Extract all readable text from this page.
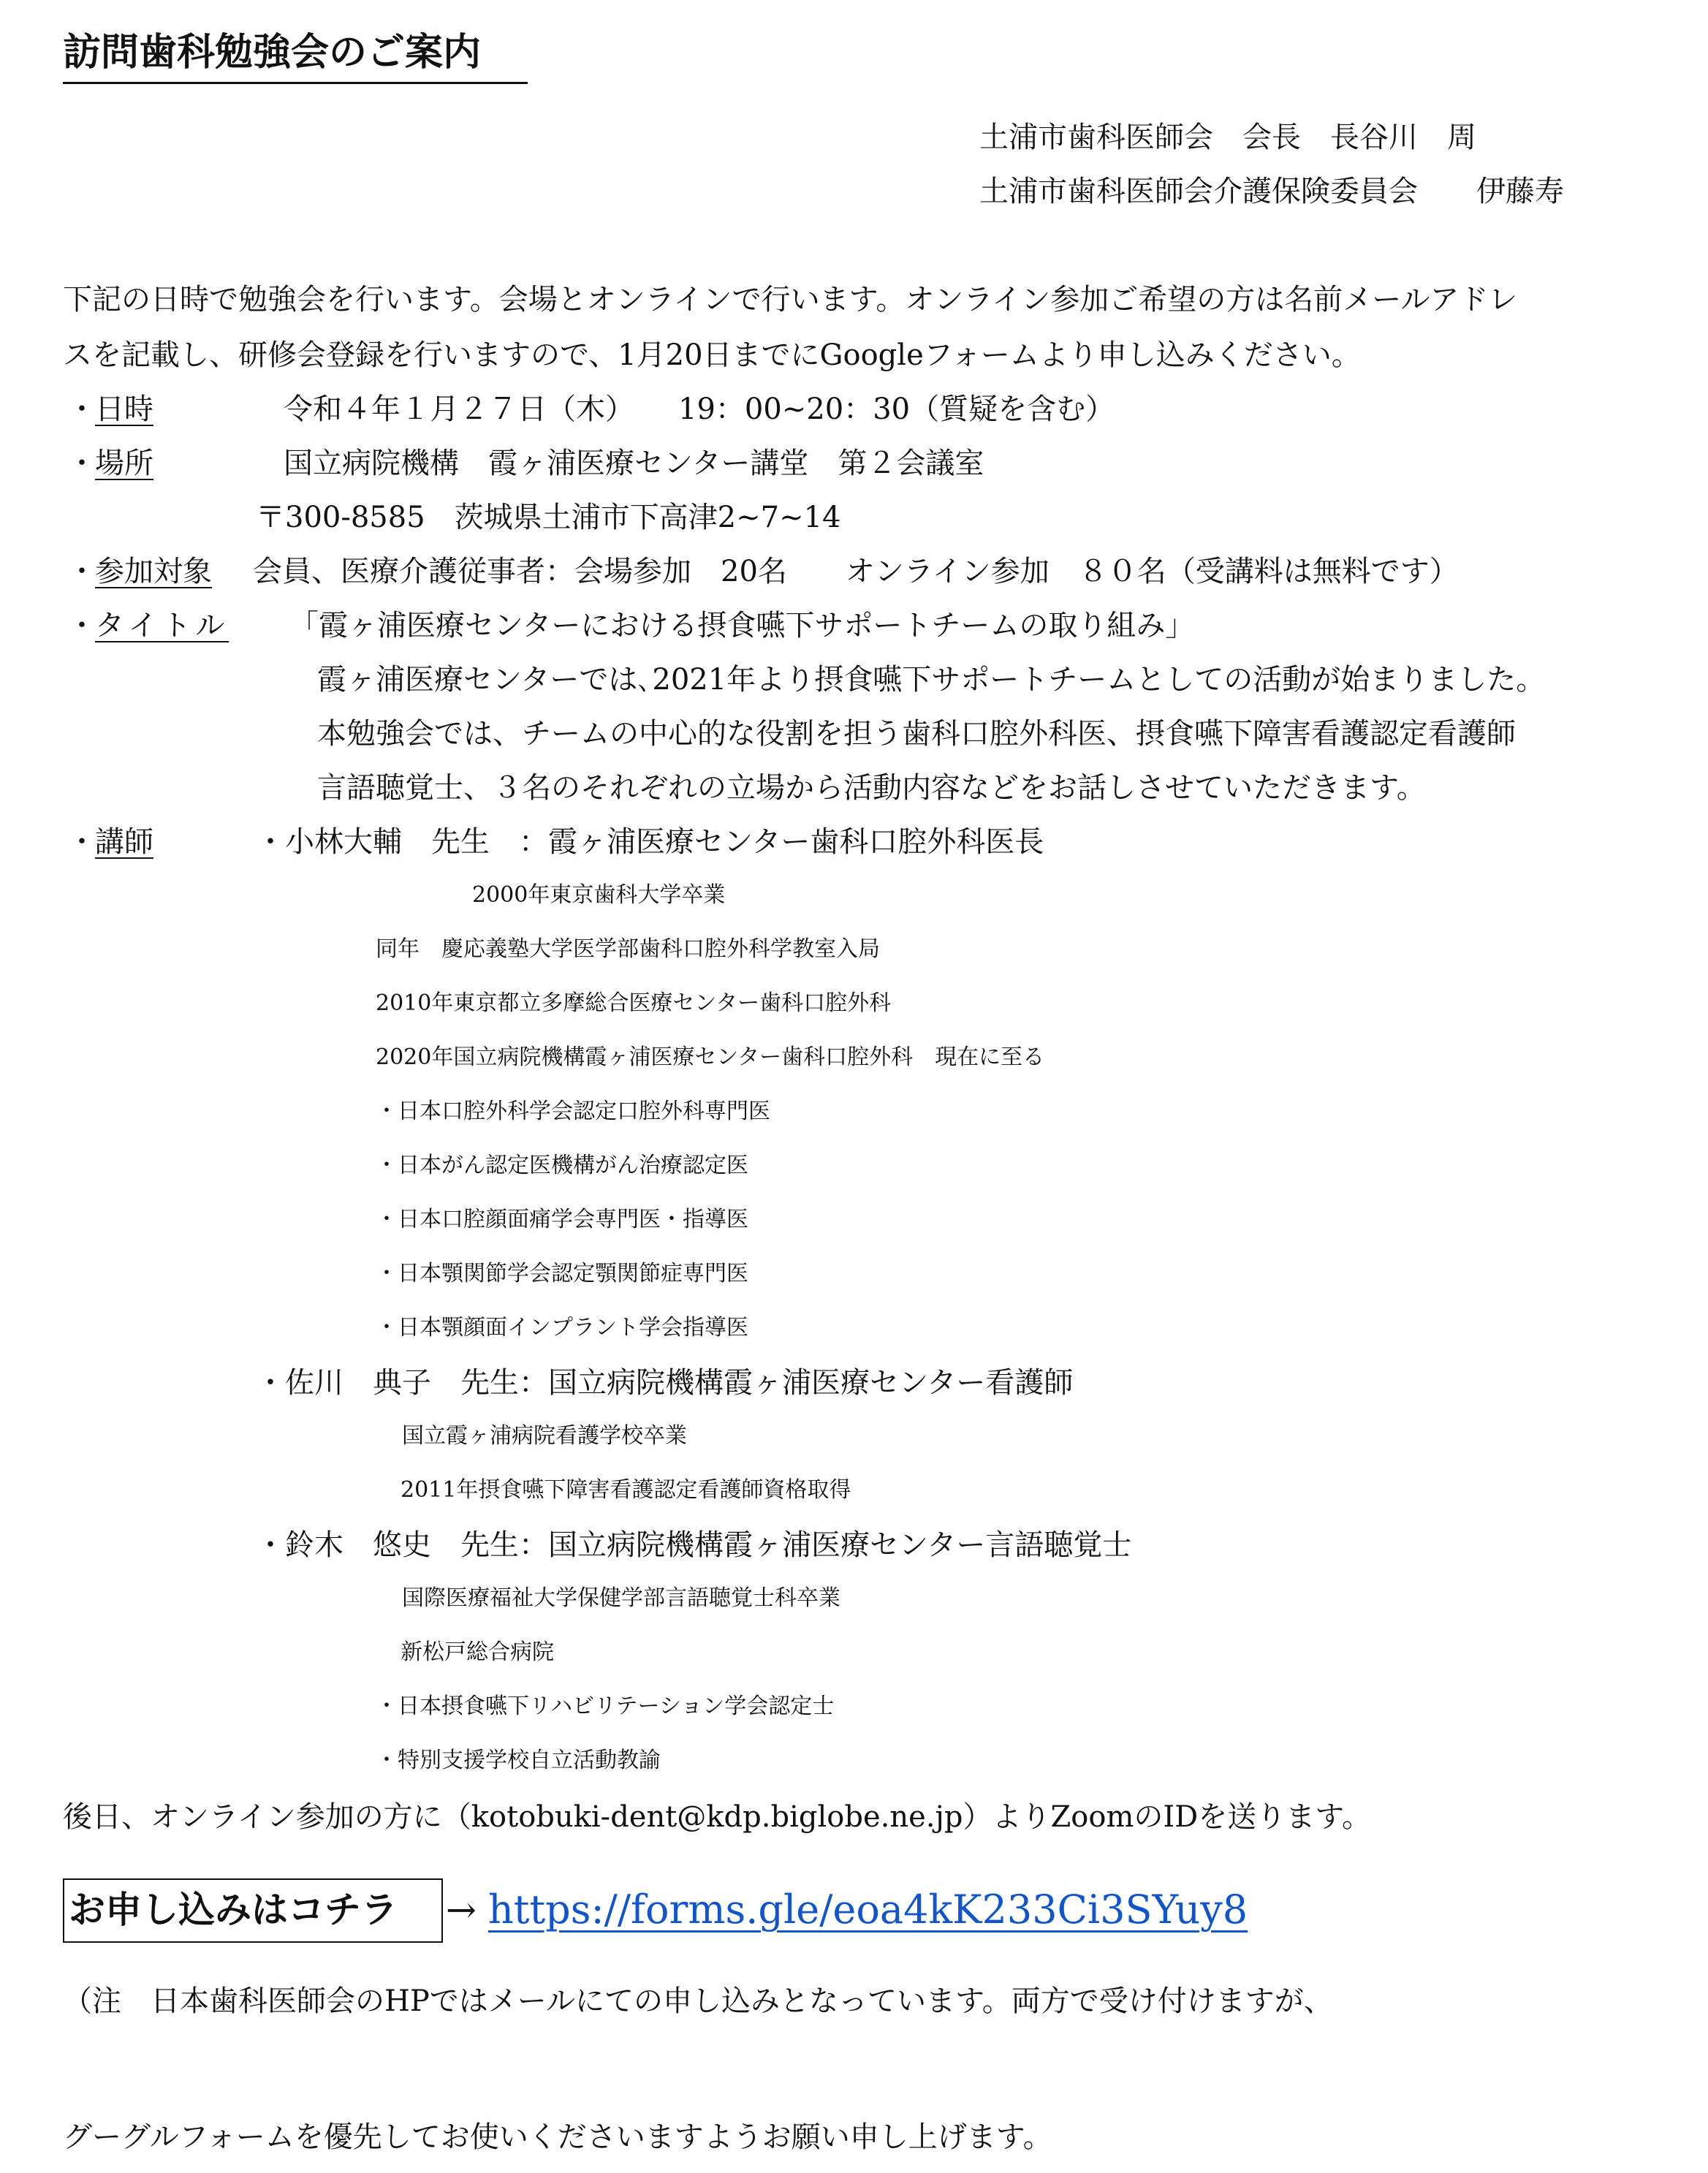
訪問歯科勉強会のご案内
土浦市歯科医師会　会長　長谷川　周
土浦市歯科医師会介護保険委員会　　伊藤寿
下記の日時で勉強会を行います。会場とオンラインで行います。オンライン参加ご希望の方は名前メールアドレ
スを記載し、研修会登録を行いますので、1月20日までにGoogleフォームより申し込みください。
・
日時	令和４年１月２７日（木）　　19：00~20：30（質疑を含む）
・
場所	国立病院機構　霞ヶ浦医療センター講堂　第２会議室
〒300-8585　茨城県土浦市下高津2~7~14
・
参加対象 会員、医療介護従事者：会場参加　20名　　オンライン参加　８０名（受講料は無料です）
・
タイトル 「霞ヶ浦医療センターにおける摂食嚥下サポートチームの取り組み」
霞ヶ浦医療センターでは､2021年より摂食嚥下サポートチームとしての活動が始まりました。
本勉強会では、チームの中心的な役割を担う歯科口腔外科医、摂食嚥下障害看護認定看護師
言語聴覚士、３名のそれぞれの立場から活動内容などをお話しさせていただきます。
・
講師	・小林大輔　先生　：霞ヶ浦医療センター歯科口腔外科医長
2000年東京歯科大学卒業
同年　慶応義塾大学医学部歯科口腔外科学教室入局
2010年東京都立多摩総合医療センター歯科口腔外科
2020年国立病院機構霞ヶ浦医療センター歯科口腔外科　現在に至る
・日本口腔外科学会認定口腔外科専門医
・日本がん認定医機構がん治療認定医
・日本口腔顔面痛学会専門医・指導医
・日本顎関節学会認定顎関節症専門医
・日本顎顔面インプラント学会指導医
・佐川　典子　先生：国立病院機構霞ヶ浦医療センター看護師
国立霞ヶ浦病院看護学校卒業
2011年摂食嚥下障害看護認定看護師資格取得
・鈴木　悠史　先生：国立病院機構霞ヶ浦医療センター言語聴覚士
国際医療福祉大学保健学部言語聴覚士科卒業
新松戸総合病院
・日本摂食嚥下リハビリテーション学会認定士
・特別支援学校自立活動教諭
後日、オンライン参加の方に（kotobuki-dent@kdp.biglobe.ne.jp）よりZoomのIDを送ります。
お申し込みはコチラ → https://forms.gle/eoa4kK233Ci3SYuy8
（注　日本歯科医師会のHPではメールにての申し込みとなっています。両方で受け付けますが、
グーグルフォームを優先してお使いくださいますようお願い申し上げます。
